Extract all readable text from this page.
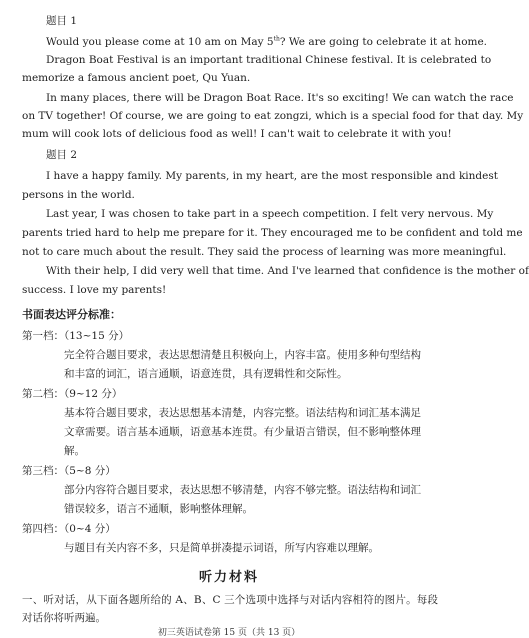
题目 1
Would you please come at 10 am on May 5th? We are going to celebrate it at home.
Dragon Boat Festival is an important traditional Chinese festival. It is celebrated to
memorize a famous ancient poet, Qu Yuan.
In many places, there will be Dragon Boat Race. It's so exciting! We can watch the race
on TV together! Of course, we are going to eat zongzi, which is a special food for that day. My
mum will cook lots of delicious food as well! I can't wait to celebrate it with you!
题目 2
I have a happy family. My parents, in my heart, are the most responsible and kindest
persons in the world.
Last year, I was chosen to take part in a speech competition. I felt very nervous. My
parents tried hard to help me prepare for it. They encouraged me to be confident and told me
not to care much about the result. They said the process of learning was more meaningful.
With their help, I did very well that time. And I've learned that confidence is the mother of
success. I love my parents!
书面表达评分标准：
第一档：（13~15 分）
完全符合题目要求，表达思想清楚且积极向上，内容丰富。使用多种句型结构
和丰富的词汇，语言通顺，语意连贯，具有逻辑性和交际性。
第二档：（9~12 分）
基本符合题目要求，表达思想基本清楚，内容完整。语法结构和词汇基本满足
文章需要。语言基本通顺，语意基本连贯。有少量语言错误，但不影响整体理
解。
第三档：（5~8 分）
部分内容符合题目要求，表达思想不够清楚，内容不够完整。语法结构和词汇
错误较多，语言不通顺，影响整体理解。
第四档：（0~4 分）
与题目有关内容不多，只是简单拼凑提示词语，所写内容难以理解。
听力材料
一、听对话，从下面各题所给的 A、B、C 三个选项中选择与对话内容相符的图片。每段
对话你将听两遍。
初三英语试卷第 15 页（共 13 页）
